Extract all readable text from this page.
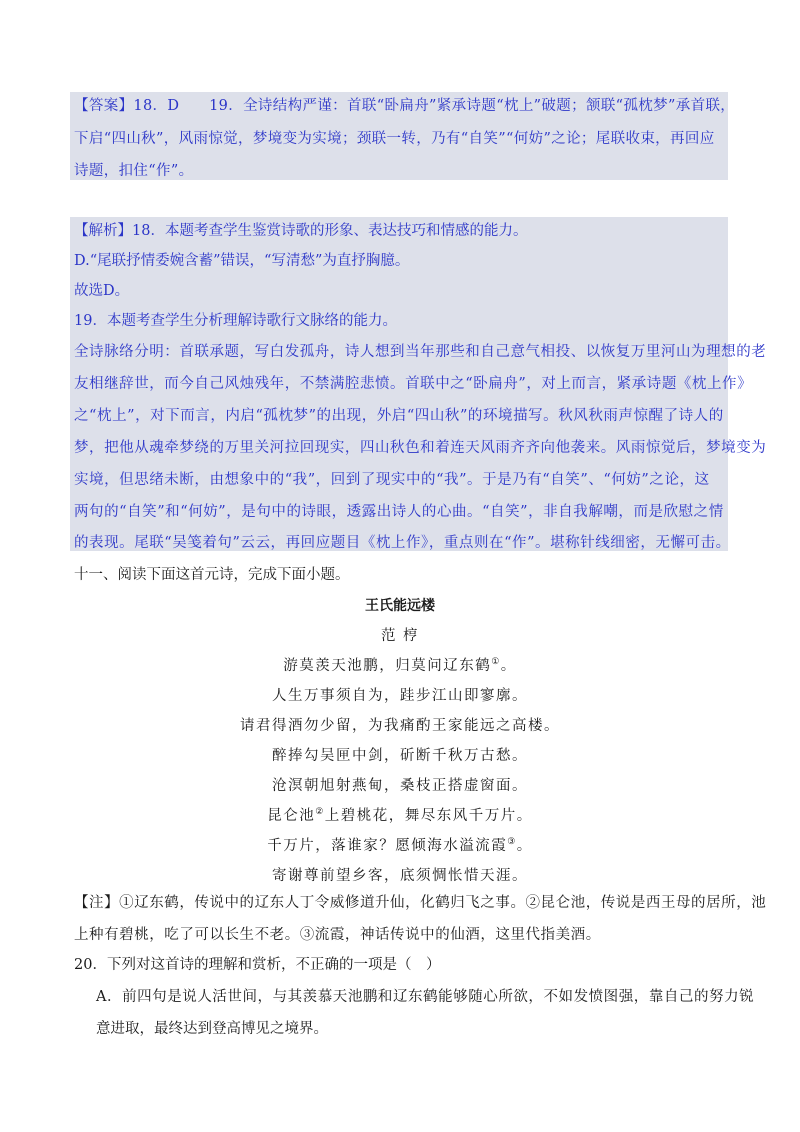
【答案】18．D　　19．全诗结构严谨：首联“卧扁舟”紧承诗题“枕上”破题；颔联“孤枕梦”承首联，
下启“四山秋”，风雨惊觉，梦境变为实境；颈联一转，乃有“自笑”“何妨”之论；尾联收束，再回应
诗题，扣住“作”。
【解析】18．本题考查学生鉴赏诗歌的形象、表达技巧和情感的能力。
D.“尾联抒情委婉含蓄”错误，“写清愁”为直抒胸臆。
故选D。
19．本题考查学生分析理解诗歌行文脉络的能力。
全诗脉络分明：首联承题，写白发孤舟，诗人想到当年那些和自己意气相投、以恢复万里河山为理想的老
友相继辞世，而今自己风烛残年，不禁满腔悲愤。首联中之“卧扁舟”，对上而言，紧承诗题《枕上作》
之“枕上”，对下而言，内启“孤枕梦”的出现，外启“四山秋”的环境描写。秋风秋雨声惊醒了诗人的
梦，把他从魂牵梦绕的万里关河拉回现实，四山秋色和着连天风雨齐齐向他袭来。风雨惊觉后，梦境变为
实境，但思绪未断，由想象中的“我”，回到了现实中的“我”。于是乃有“自笑”、“何妨”之论，这
两句的“自笑”和“何妨”，是句中的诗眼，透露出诗人的心曲。“自笑”，非自我解嘲，而是欣慰之情
的表现。尾联“吴笺着句”云云，再回应题目《枕上作》，重点则在“作”。堪称针线细密，无懈可击。
十一、阅读下面这首元诗，完成下面小题。
王氏能远楼
范 梈
游莫羡天池鹏，归莫问辽东鹤①。
人生万事须自为，跬步江山即寥廓。
请君得酒勿少留，为我痛酌王家能远之高楼。
醉捧勾吴匣中剑，斫断千秋万古愁。
沧溟朝旭射燕甸，桑枝正搭虚窗面。
昆仑池②上碧桃花，舞尽东风千万片。
千万片，落谁家？愿倾海水溢流霞③。
寄谢尊前望乡客，底须惆怅惜天涯。
【注】①辽东鹤，传说中的辽东人丁令威修道升仙，化鹤归飞之事。②昆仑池，传说是西王母的居所，池
上种有碧桃，吃了可以长生不老。③流霞，神话传说中的仙酒，这里代指美酒。
20．下列对这首诗的理解和赏析，不正确的一项是（　）
A．前四句是说人活世间，与其羡慕天池鹏和辽东鹤能够随心所欲，不如发愤图强，靠自己的努力锐
意进取，最终达到登高博见之境界。
